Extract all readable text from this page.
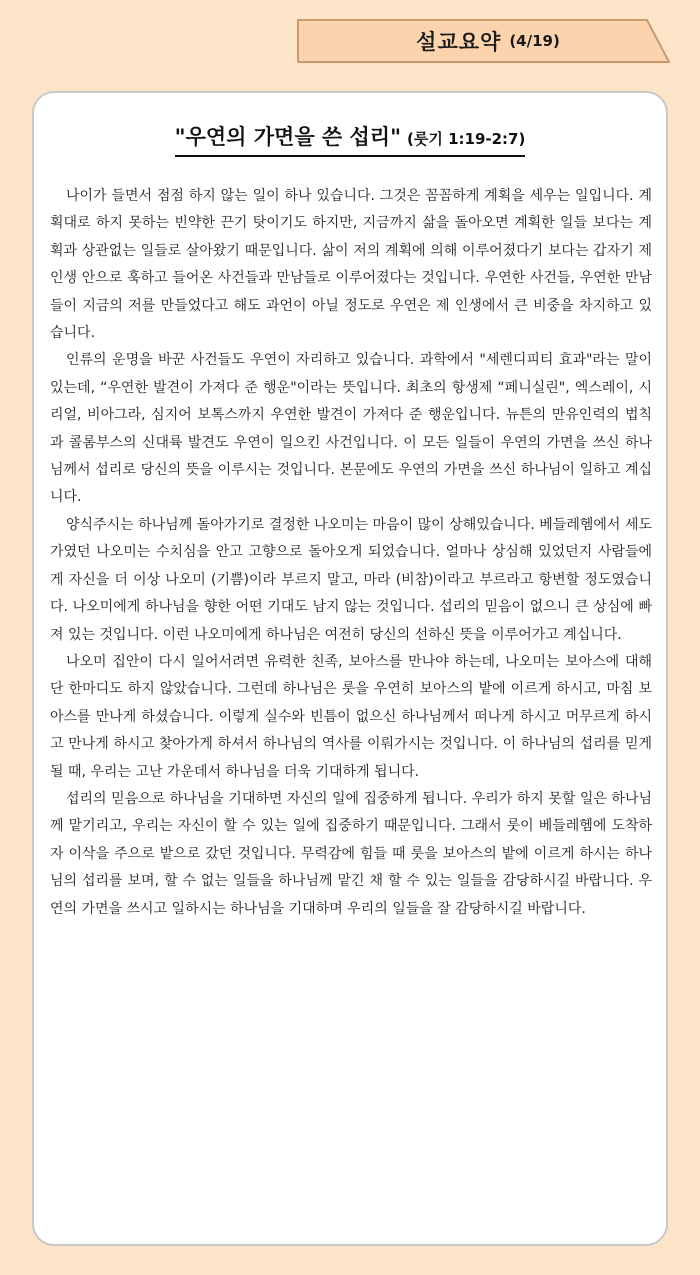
설교요약 (4/19)
"우연의 가면을 쓴 섭리" (룻기 1:19-2:7)

나이가 들면서 점점 하지 않는 일이 하나 있습니다. 그것은 꼼꼼하게 계획을 세우는 일입니다. 계획대로 하지 못하는 빈약한 끈기 탓이기도 하지만, 지금까지 삶을 돌아오면 계획한 일들 보다는 계획과 상관없는 일들로 살아왔기 때문입니다. 삶이 저의 계획에 의해 이루어졌다기 보다는 갑자기 제 인생 안으로 훅하고 들어온 사건들과 만남들로 이루어졌다는 것입니다. 우연한 사건들, 우연한 만남들이 지금의 저를 만들었다고 해도 과언이 아닐 정도로 우연은 제 인생에서 큰 비중을 차지하고 있습니다.

인류의 운명을 바꾼 사건들도 우연이 자리하고 있습니다. 과학에서 "세렌디피티 효과"라는 말이 있는데, “우연한 발견이 가져다 준 행운"이라는 뜻입니다. 최초의 항생제 “페니실린", 엑스레이, 시리얼, 비아그라, 심지어 보톡스까지 우연한 발견이 가져다 준 행운입니다. 뉴튼의 만유인력의 법칙과 콜롬부스의 신대륙 발견도 우연이 일으킨 사건입니다. 이 모든 일들이 우연의 가면을 쓰신 하나님께서 섭리로 당신의 뜻을 이루시는 것입니다. 본문에도 우연의 가면을 쓰신 하나님이 일하고 계십니다.

양식주시는 하나님께 돌아가기로 결정한 나오미는 마음이 많이 상해있습니다. 베들레헴에서 세도가였던 나오미는 수치심을 안고 고향으로 돌아오게 되었습니다. 얼마나 상심해 있었던지 사람들에게 자신을 더 이상 나오미 (기쁨)이라 부르지 말고, 마라 (비참)이라고 부르라고 항변할 정도였습니다. 나오미에게 하나님을 향한 어떤 기대도 남지 않는 것입니다. 섭리의 믿음이 없으니 큰 상심에 빠져 있는 것입니다. 이런 나오미에게 하나님은 여전히 당신의 선하신 뜻을 이루어가고 계십니다.

나오미 집안이 다시 일어서려면 유력한 친족, 보아스를 만나야 하는데, 나오미는 보아스에 대해 단 한마디도 하지 않았습니다. 그런데 하나님은 룻을 우연히 보아스의 밭에 이르게 하시고, 마침 보아스를 만나게 하셨습니다. 이렇게 실수와 빈틈이 없으신 하나님께서 떠나게 하시고 머무르게 하시고 만나게 하시고 찾아가게 하셔서 하나님의 역사를 이뤄가시는 것입니다. 이 하나님의 섭리를 믿게 될 때, 우리는 고난 가운데서 하나님을 더욱 기대하게 됩니다.

섭리의 믿음으로 하나님을 기대하면 자신의 일에 집중하게 됩니다. 우리가 하지 못할 일은 하나님께 맡기리고, 우리는 자신이 할 수 있는 일에 집중하기 때문입니다. 그래서 룻이 베들레헴에 도착하자 이삭을 주으로 밭으로 갔던 것입니다. 무력감에 힘들 때 룻을 보아스의 밭에 이르게 하시는 하나님의 섭리를 보며, 할 수 없는 일들을 하나님께 맡긴 채 할 수 있는 일들을 감당하시길 바랍니다. 우연의 가면을 쓰시고 일하시는 하나님을 기대하며 우리의 일들을 잘 감당하시길 바랍니다.
